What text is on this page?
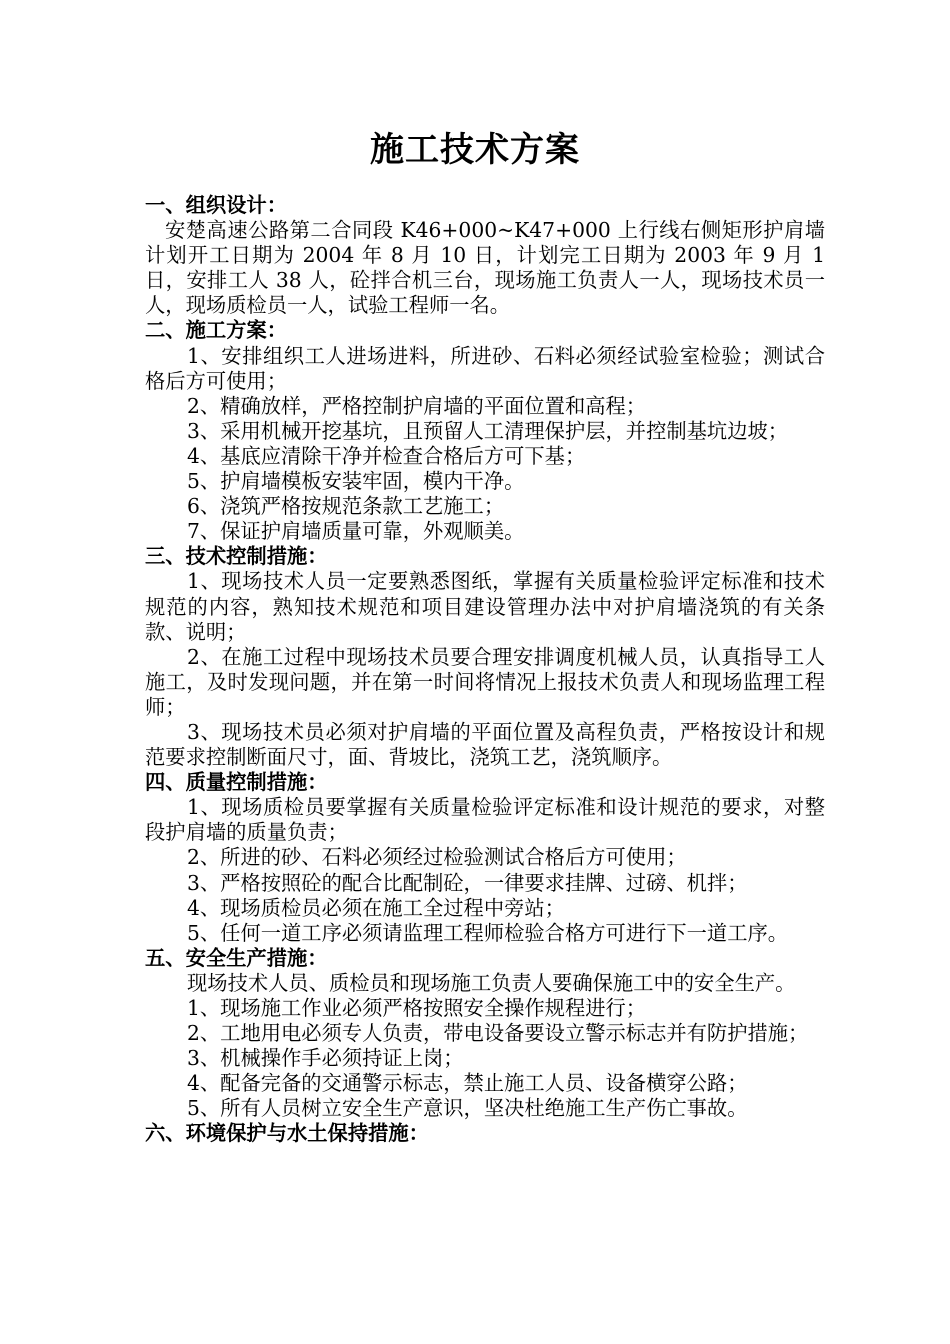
施工技术方案
一、组织设计：
安楚高速公路第二合同段 K46+000~K47+000 上行线右侧矩形护肩墙计划开工日期为 2004 年 8 月 10 日，计划完工日期为 2003 年 9 月 1 日，安排工人 38 人，砼拌合机三台，现场施工负责人一人，现场技术员一人，现场质检员一人，试验工程师一名。
二、施工方案：
1、安排组织工人进场进料，所进砂、石料必须经试验室检验；测试合格后方可使用；
2、精确放样，严格控制护肩墙的平面位置和高程；
3、采用机械开挖基坑，且预留人工清理保护层，并控制基坑边坡；
4、基底应清除干净并检查合格后方可下基；
5、护肩墙模板安装牢固，模内干净。
6、浇筑严格按规范条款工艺施工；
7、保证护肩墙质量可靠，外观顺美。
三、技术控制措施：
1、现场技术人员一定要熟悉图纸，掌握有关质量检验评定标准和技术规范的内容，熟知技术规范和项目建设管理办法中对护肩墙浇筑的有关条款、说明；
2、在施工过程中现场技术员要合理安排调度机械人员，认真指导工人施工，及时发现问题，并在第一时间将情况上报技术负责人和现场监理工程师；
3、现场技术员必须对护肩墙的平面位置及高程负责，严格按设计和规范要求控制断面尺寸，面、背坡比，浇筑工艺，浇筑顺序。
四、质量控制措施：
1、现场质检员要掌握有关质量检验评定标准和设计规范的要求，对整段护肩墙的质量负责；
2、所进的砂、石料必须经过检验测试合格后方可使用；
3、严格按照砼的配合比配制砼，一律要求挂牌、过磅、机拌；
4、现场质检员必须在施工全过程中旁站；
5、任何一道工序必须请监理工程师检验合格方可进行下一道工序。
五、安全生产措施：
现场技术人员、质检员和现场施工负责人要确保施工中的安全生产。
1、现场施工作业必须严格按照安全操作规程进行；
2、工地用电必须专人负责，带电设备要设立警示标志并有防护措施；
3、机械操作手必须持证上岗；
4、配备完备的交通警示标志，禁止施工人员、设备横穿公路；
5、所有人员树立安全生产意识，坚决杜绝施工生产伤亡事故。
六、环境保护与水土保持措施：
